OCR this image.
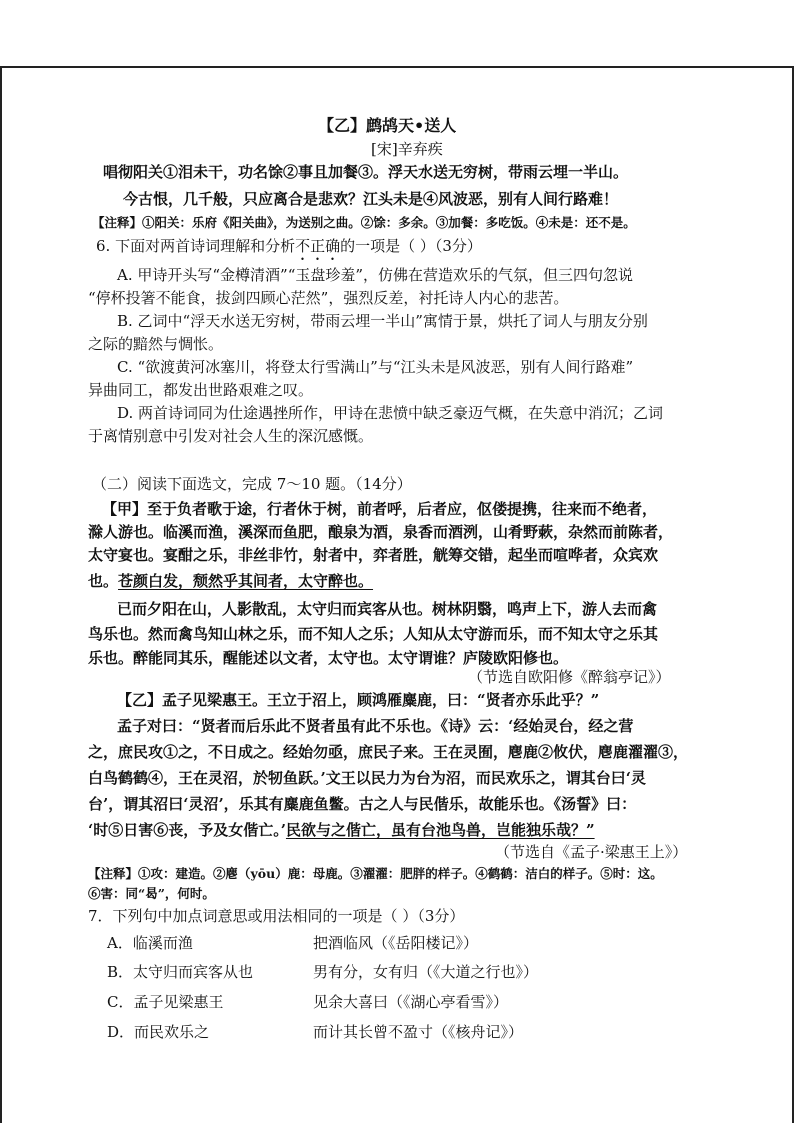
【乙】鹧鸪天•送人
[宋]辛弃疾
唱彻阳关①泪未干，功名馀②事且加餐③。浮天水送无穷树，带雨云埋一半山。
今古恨，几千般，只应离合是悲欢？江头未是④风波恶，别有人间行路难！
【注释】①阳关：乐府《阳关曲》，为送别之曲。②馀：多余。③加餐：多吃饭。④未是：还不是。
6. 下面对两首诗词理解和分析不正确的一项是（ ）（3分）
A. 甲诗开头写“金樽清酒”“玉盘珍羞”，仿佛在营造欢乐的气氛，但三四句忽说
“停杯投箸不能食，拔剑四顾心茫然”，强烈反差，衬托诗人内心的悲苦。
B. 乙词中“浮天水送无穷树，带雨云埋一半山”寓情于景，烘托了词人与朋友分别
之际的黯然与惆怅。
C. “欲渡黄河冰塞川，将登太行雪满山”与“江头未是风波恶，别有人间行路难”
异曲同工，都发出世路艰难之叹。
D. 两首诗词同为仕途遇挫所作，甲诗在悲愤中缺乏豪迈气概，在失意中消沉；乙词
于离情别意中引发对社会人生的深沉感慨。
（二）阅读下面选文，完成 7～10 题。（14分）
【甲】至于负者歌于途，行者休于树，前者呼，后者应，伛偻提携，往来而不绝者，
滁人游也。临溪而渔，溪深而鱼肥，酿泉为酒，泉香而酒洌，山肴野蔌，杂然而前陈者，
太守宴也。宴酣之乐，非丝非竹，射者中，弈者胜，觥筹交错，起坐而喧哗者，众宾欢
也。苍颜白发，颓然乎其间者，太守醉也。
已而夕阳在山，人影散乱，太守归而宾客从也。树林阴翳，鸣声上下，游人去而禽
鸟乐也。然而禽鸟知山林之乐，而不知人之乐；人知从太守游而乐，而不知太守之乐其
乐也。醉能同其乐，醒能述以文者，太守也。太守谓谁？庐陵欧阳修也。
（节选自欧阳修《醉翁亭记》）
【乙】孟子见梁惠王。王立于沼上，顾鸿雁麋鹿，曰：“贤者亦乐此乎？”
孟子对曰：“贤者而后乐此不贤者虽有此不乐也。《诗》云：‘经始灵台，经之营
之，庶民攻①之，不日成之。经始勿亟，庶民子来。王在灵囿，麀鹿②攸伏，麀鹿濯濯③，
白鸟鹤鹤④，王在灵沼，於牣鱼跃。’文王以民力为台为沼，而民欢乐之，谓其台曰‘灵
台’，谓其沼曰‘灵沼’，乐其有麋鹿鱼鳖。古之人与民偕乐，故能乐也。《汤誓》曰：
‘时⑤日害⑥丧，予及女偕亡。’民欲与之偕亡，虽有台池鸟兽，岂能独乐哉？”
（节选自《孟子·梁惠王上》）
【注释】①攻：建造。②麀（yōu）鹿：母鹿。③濯濯：肥胖的样子。④鹤鹤：洁白的样子。⑤时：这。
⑥害：同“曷”，何时。
7．下列句中加点词意思或用法相同的一项是（ ）（3分）
A．临溪而渔	把酒临风（《岳阳楼记》）
B．太守归而宾客从也	男有分，女有归（《大道之行也》）
C．孟子见梁惠王	见余大喜曰（《湖心亭看雪》）
D．而民欢乐之	而计其长曾不盈寸（《核舟记》）
